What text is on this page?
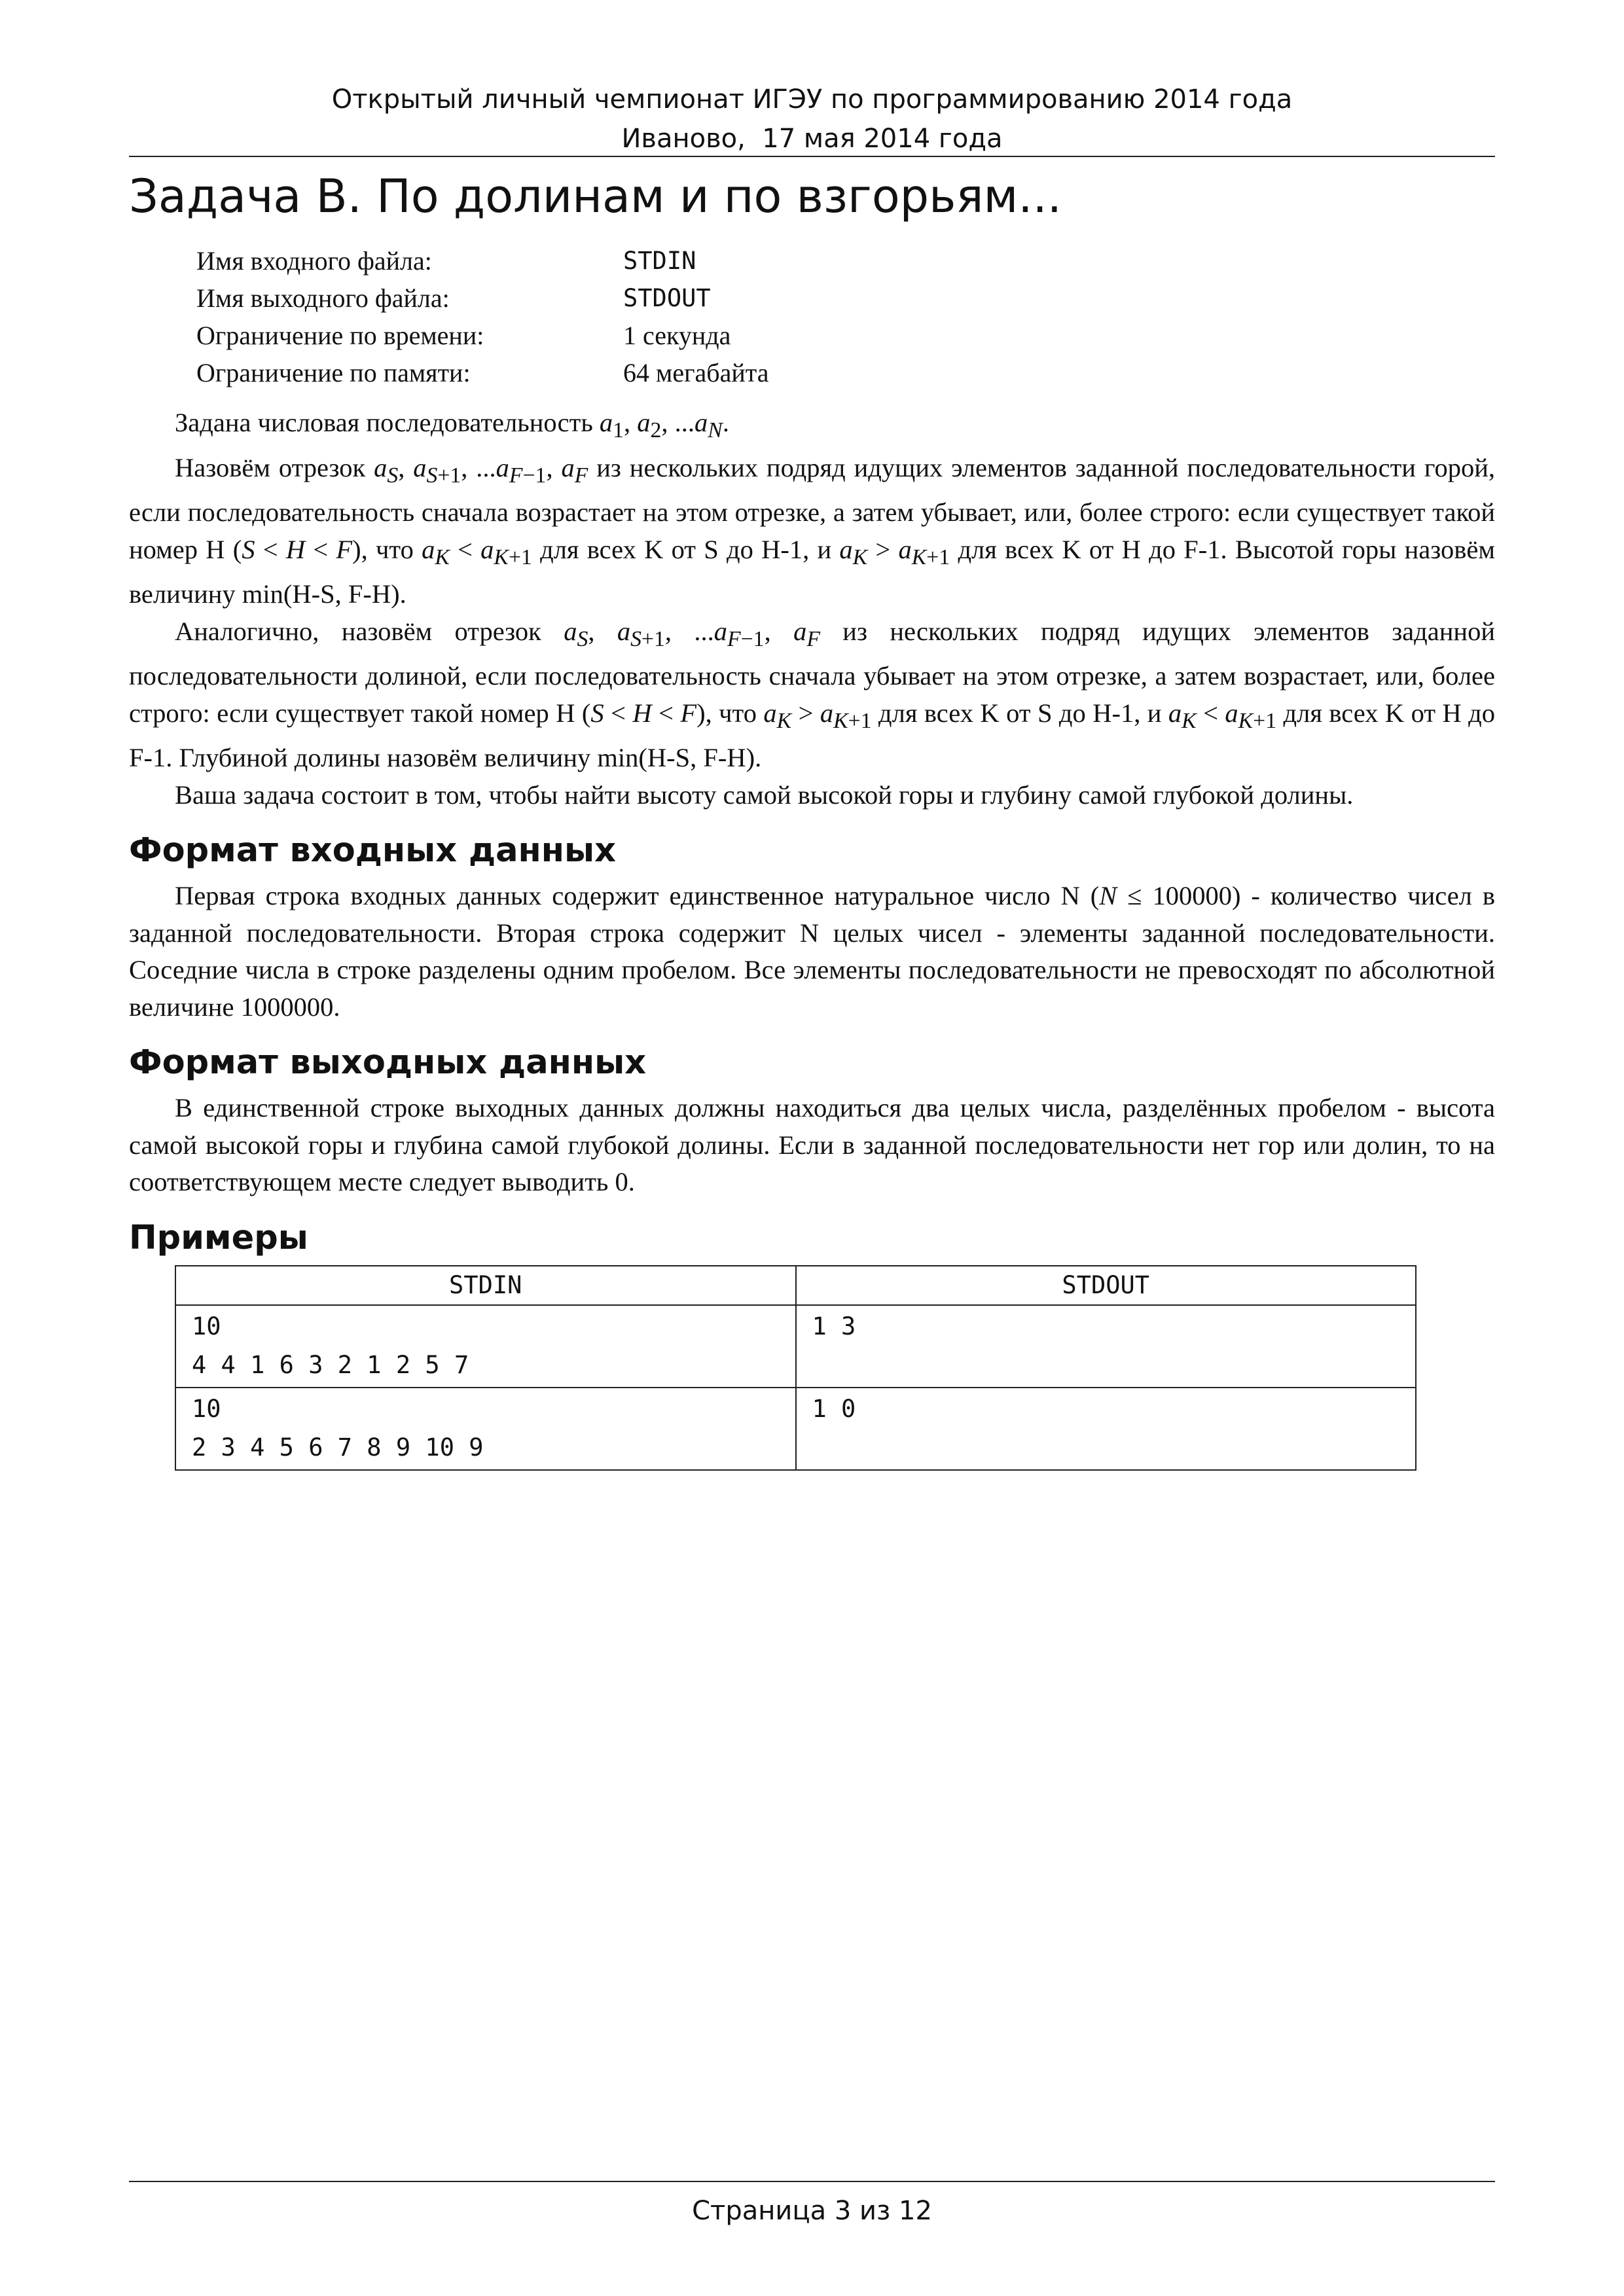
Открытый личный чемпионат ИГЭУ по программированию 2014 года
Иваново,  17 мая 2014 года
Задача B. По долинам и по взгорьям...
Имя входного файла:	STDIN
Имя выходного файла:	STDOUT
Ограничение по времени:	1 секунда
Ограничение по памяти:	64 мегабайта

Задана числовая последовательность $a_1$, $a_2$, $...a_N$.

Назовём отрезок $a_S$, $a_{S+1}$, $...a_{F-1}$, $a_F$ из нескольких подряд идущих элементов заданной последовательности горой, если последовательность сначала возрастает на этом отрезке, а затем убывает, или, более строго: если существует такой номер H (S < H < F), что $a_K < a_{K+1}$ для всех K от S до H-1, и $a_K > a_{K+1}$ для всех K от H до F-1. Высотой горы назовём величину min(H-S, F-H).

Аналогично, назовём отрезок $a_S$, $a_{S+1}$, $...a_{F-1}$, $a_F$ из нескольких подряд идущих элементов заданной последовательности долиной, если последовательность сначала убывает на этом отрезке, а затем возрастает, или, более строго: если существует такой номер H (S < H < F), что $a_K > a_{K+1}$ для всех K от S до H-1, и $a_K < a_{K+1}$ для всех K от H до F-1. Глубиной долины назовём величину min(H-S, F-H).

Ваша задача состоит в том, чтобы найти высоту самой высокой горы и глубину самой глубокой долины.

Формат входных данных

Первая строка входных данных содержит единственное натуральное число N (N ≤ 100000) - количество чисел в заданной последовательности. Вторая строка содержит N целых чисел - элементы заданной последовательности. Соседние числа в строке разделены одним пробелом. Все элементы последовательности не превосходят по абсолютной величине 1000000.

Формат выходных данных

В единственной строке выходных данных должны находиться два целых числа, разделённых пробелом - высота самой высокой горы и глубина самой глубокой долины. Если в заданной последовательности нет гор или долин, то на соответствующем месте следует выводить 0.

Примеры
STDIN	STDOUT

10
4 4 1 6 3 2 1 2 5 7	1 3

10
2 3 4 5 6 7 8 9 10 9	1 0
Страница 3 из 12
